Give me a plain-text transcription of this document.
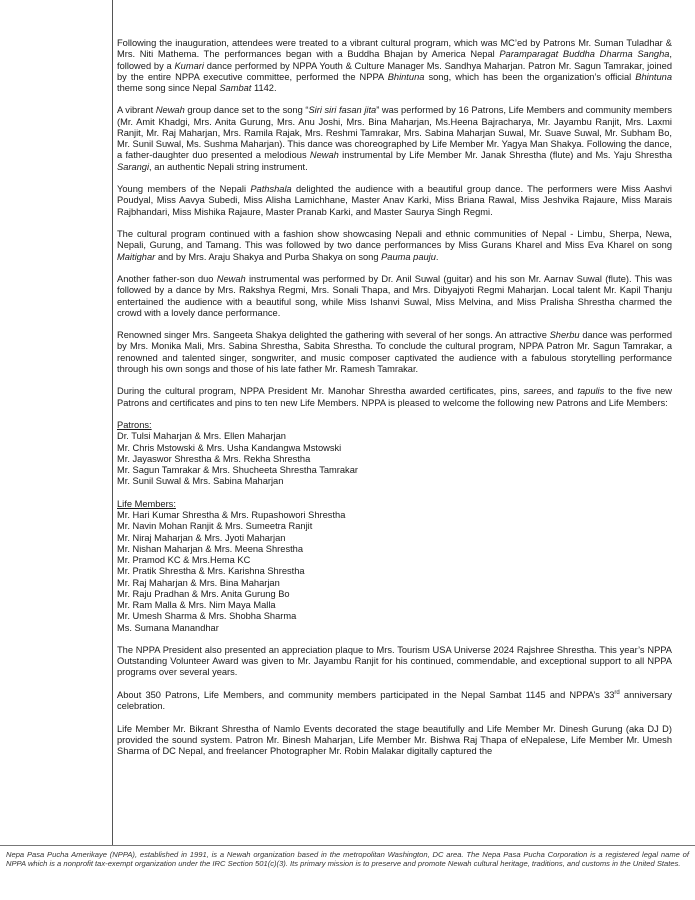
Following the inauguration, attendees were treated to a vibrant cultural program, which was MC’ed by Patrons Mr. Suman Tuladhar & Mrs. Niti Mathema. The performances began with a Buddha Bhajan by America Nepal Paramparagat Buddha Dharma Sangha, followed by a Kumari dance performed by NPPA Youth & Culture Manager Ms. Sandhya Maharjan. Patron Mr. Sagun Tamrakar, joined by the entire NPPA executive committee, performed the NPPA Bhintuna song, which has been the organization’s official Bhintuna theme song since Nepal Sambat 1142.

A vibrant Newah group dance set to the song “Siri siri fasan jita” was performed by 16 Patrons, Life Members and community members (Mr. Amit Khadgi, Mrs. Anita Gurung, Mrs. Anu Joshi, Mrs. Bina Maharjan, Ms.Heena Bajracharya, Mr. Jayambu Ranjit, Mrs. Laxmi Ranjit, Mr. Raj Maharjan, Mrs. Ramila Rajak, Mrs. Reshmi Tamrakar, Mrs. Sabina Maharjan Suwal, Mr. Suave Suwal, Mr. Subham Bo, Mr. Sunil Suwal, Ms. Sushma Maharjan). This dance was choreographed by Life Member Mr. Yagya Man Shakya. Following the dance, a father-daughter duo presented a melodious Newah instrumental by Life Member Mr. Janak Shrestha (flute) and Ms. Yaju Shrestha Sarangi, an authentic Nepali string instrument.

Young members of the Nepali Pathshala delighted the audience with a beautiful group dance. The performers were Miss Aashvi Poudyal, Miss Aavya Subedi, Miss Alisha Lamichhane, Master Anav Karki, Miss Briana Rawal, Miss Jeshvika Rajaure, Miss Marais Rajbhandari, Miss Mishika Rajaure, Master Pranab Karki, and Master Saurya Singh Regmi.

The cultural program continued with a fashion show showcasing Nepali and ethnic communities of Nepal - Limbu, Sherpa, Newa, Nepali, Gurung, and Tamang. This was followed by two dance performances by Miss Gurans Kharel and Miss Eva Kharel on song Maitighar and by Mrs. Araju Shakya and Purba Shakya on song Pauma pauju.

Another father-son duo Newah instrumental was performed by Dr. Anil Suwal (guitar) and his son Mr. Aarnav Suwal (flute). This was followed by a dance by Mrs. Rakshya Regmi, Mrs. Sonali Thapa, and Mrs. Dibyajyoti Regmi Maharjan. Local talent Mr. Kapil Thanju entertained the audience with a beautiful song, while Miss Ishanvi Suwal, Miss Melvina, and Miss Pralisha Shrestha charmed the crowd with a lovely dance performance.

Renowned singer Mrs. Sangeeta Shakya delighted the gathering with several of her songs. An attractive Sherbu dance was performed by Mrs. Monika Mali, Mrs. Sabina Shrestha, Sabita Shrestha. To conclude the cultural program, NPPA Patron Mr. Sagun Tamrakar, a renowned and talented singer, songwriter, and music composer captivated the audience with a fabulous storytelling performance through his own songs and those of his late father Mr. Ramesh Tamrakar.

During the cultural program, NPPA President Mr. Manohar Shrestha awarded certificates, pins, sarees, and tapulis to the five new Patrons and certificates and pins to ten new Life Members. NPPA is pleased to welcome the following new Patrons and Life Members:

Patrons:
Dr. Tulsi Maharjan & Mrs. Ellen Maharjan
Mr. Chris Mstowski & Mrs. Usha Kandangwa Mstowski
Mr. Jayaswor Shrestha & Mrs. Rekha Shrestha
Mr. Sagun Tamrakar & Mrs. Shucheeta Shrestha Tamrakar
Mr. Sunil Suwal & Mrs. Sabina Maharjan
Life Members:
Mr. Hari Kumar Shrestha & Mrs. Rupashowori Shrestha
Mr. Navin Mohan Ranjit & Mrs. Sumeetra Ranjit
Mr. Niraj Maharjan & Mrs. Jyoti Maharjan
Mr. Nishan Maharjan & Mrs. Meena Shrestha
Mr. Pramod KC & Mrs.Hema KC
Mr. Pratik Shrestha & Mrs. Karishna Shrestha
Mr. Raj Maharjan & Mrs. Bina Maharjan
Mr. Raju Pradhan & Mrs. Anita Gurung Bo
Mr. Ram Malla & Mrs. Nim Maya Malla
Mr. Umesh Sharma & Mrs. Shobha Sharma
Ms. Sumana Manandhar

The NPPA President also presented an appreciation plaque to Mrs. Tourism USA Universe 2024 Rajshree Shrestha. This year’s NPPA Outstanding Volunteer Award was given to Mr. Jayambu Ranjit for his continued, commendable, and exceptional support to all NPPA programs over several years.

About 350 Patrons, Life Members, and community members participated in the Nepal Sambat 1145 and NPPA’s 33rd anniversary celebration.

Life Member Mr. Bikrant Shrestha of Namlo Events decorated the stage beautifully and Life Member Mr. Dinesh Gurung (aka DJ D) provided the sound system. Patron Mr. Binesh Maharjan, Life Member Mr. Bishwa Raj Thapa of eNepalese, Life Member Mr. Umesh Sharma of DC Nepal, and freelancer Photographer Mr. Robin Malakar digitally captured the

Nepa Pasa Pucha Amerikaye (NPPA), established in 1991, is a Newah organization based in the metropolitan Washington, DC area. The Nepa Pasa Pucha Corporation is a registered legal name of NPPA which is a nonprofit tax-exempt organization under the IRC Section 501(c)(3). Its primary mission is to preserve and promote Newah cultural heritage, traditions, and customs in the United States.
